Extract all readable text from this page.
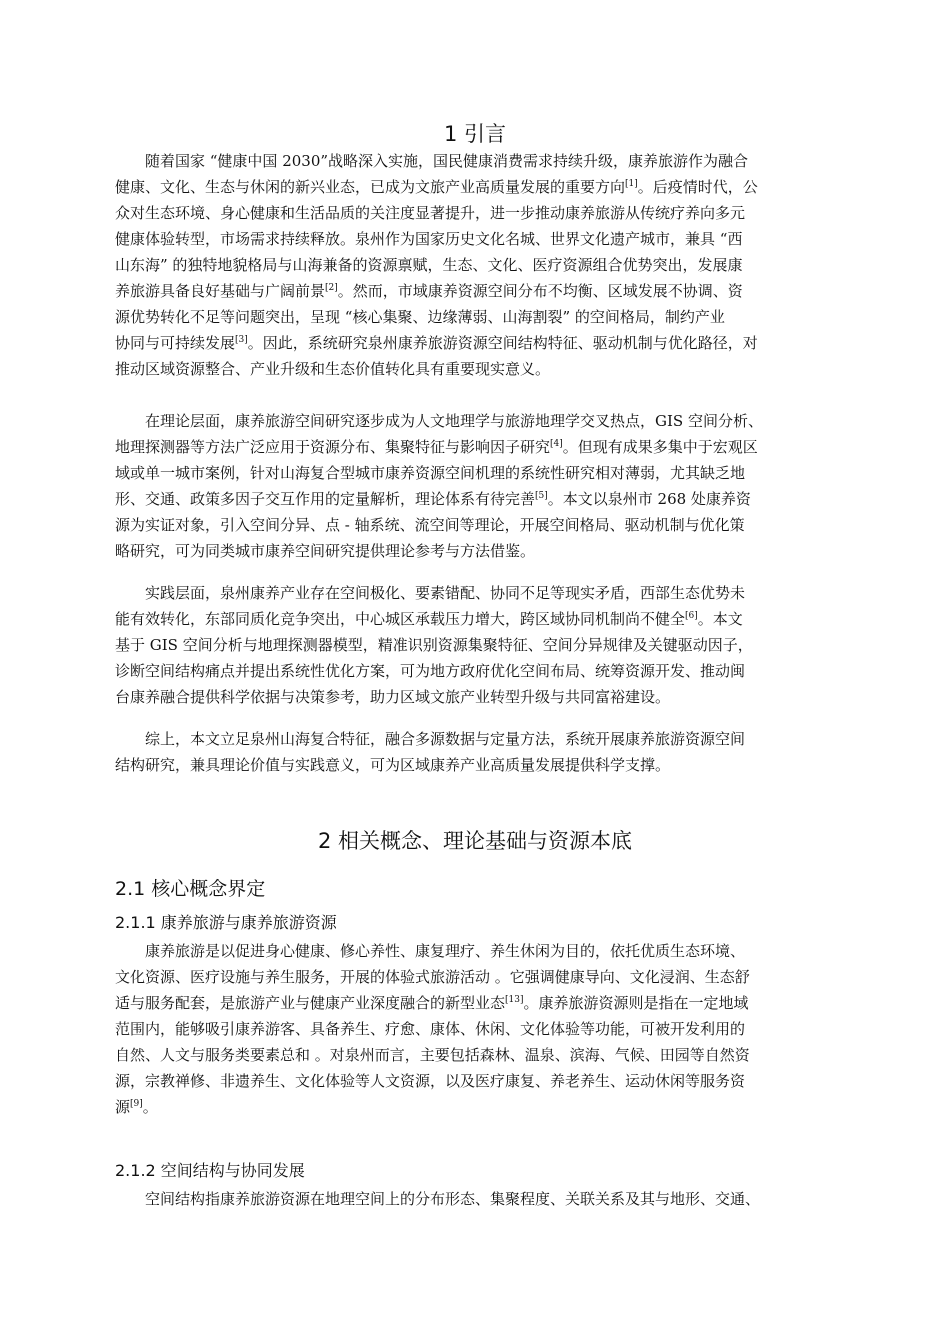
1 引言
随着国家 “健康中国 2030”战略深入实施，国民健康消费需求持续升级，康养旅游作为融合
健康、文化、生态与休闲的新兴业态，已成为文旅产业高质量发展的重要方向[1]。后疫情时代，公
众对生态环境、身心健康和生活品质的关注度显著提升，进一步推动康养旅游从传统疗养向多元
健康体验转型，市场需求持续释放。泉州作为国家历史文化名城、世界文化遗产城市，兼具 “西
山东海” 的独特地貌格局与山海兼备的资源禀赋，生态、文化、医疗资源组合优势突出，发展康
养旅游具备良好基础与广阔前景[2]。然而，市域康养资源空间分布不均衡、区域发展不协调、资
源优势转化不足等问题突出，呈现 “核心集聚、边缘薄弱、山海割裂” 的空间格局，制约产业
协同与可持续发展[3]。因此，系统研究泉州康养旅游资源空间结构特征、驱动机制与优化路径，对
推动区域资源整合、产业升级和生态价值转化具有重要现实意义。
在理论层面，康养旅游空间研究逐步成为人文地理学与旅游地理学交叉热点，GIS 空间分析、
地理探测器等方法广泛应用于资源分布、集聚特征与影响因子研究[4]。但现有成果多集中于宏观区
域或单一城市案例，针对山海复合型城市康养资源空间机理的系统性研究相对薄弱，尤其缺乏地
形、交通、政策多因子交互作用的定量解析，理论体系有待完善[5]。本文以泉州市 268 处康养资
源为实证对象，引入空间分异、点 - 轴系统、流空间等理论，开展空间格局、驱动机制与优化策
略研究，可为同类城市康养空间研究提供理论参考与方法借鉴。
实践层面，泉州康养产业存在空间极化、要素错配、协同不足等现实矛盾，西部生态优势未
能有效转化，东部同质化竞争突出，中心城区承载压力增大，跨区域协同机制尚不健全[6]。本文
基于 GIS 空间分析与地理探测器模型，精准识别资源集聚特征、空间分异规律及关键驱动因子，
诊断空间结构痛点并提出系统性优化方案，可为地方政府优化空间布局、统筹资源开发、推动闽
台康养融合提供科学依据与决策参考，助力区域文旅产业转型升级与共同富裕建设。
综上，本文立足泉州山海复合特征，融合多源数据与定量方法，系统开展康养旅游资源空间
结构研究，兼具理论价值与实践意义，可为区域康养产业高质量发展提供科学支撑。
2 相关概念、理论基础与资源本底
2.1 核心概念界定
2.1.1 康养旅游与康养旅游资源
康养旅游是以促进身心健康、修心养性、康复理疗、养生休闲为目的，依托优质生态环境、
文化资源、医疗设施与养生服务，开展的体验式旅游活动 。它强调健康导向、文化浸润、生态舒
适与服务配套，是旅游产业与健康产业深度融合的新型业态[13]。康养旅游资源则是指在一定地域
范围内，能够吸引康养游客、具备养生、疗愈、康体、休闲、文化体验等功能，可被开发利用的
自然、人文与服务类要素总和 。对泉州而言，主要包括森林、温泉、滨海、气候、田园等自然资
源，宗教禅修、非遗养生、文化体验等人文资源，以及医疗康复、养老养生、运动休闲等服务资
源[9]。
2.1.2 空间结构与协同发展
空间结构指康养旅游资源在地理空间上的分布形态、集聚程度、关联关系及其与地形、交通、
